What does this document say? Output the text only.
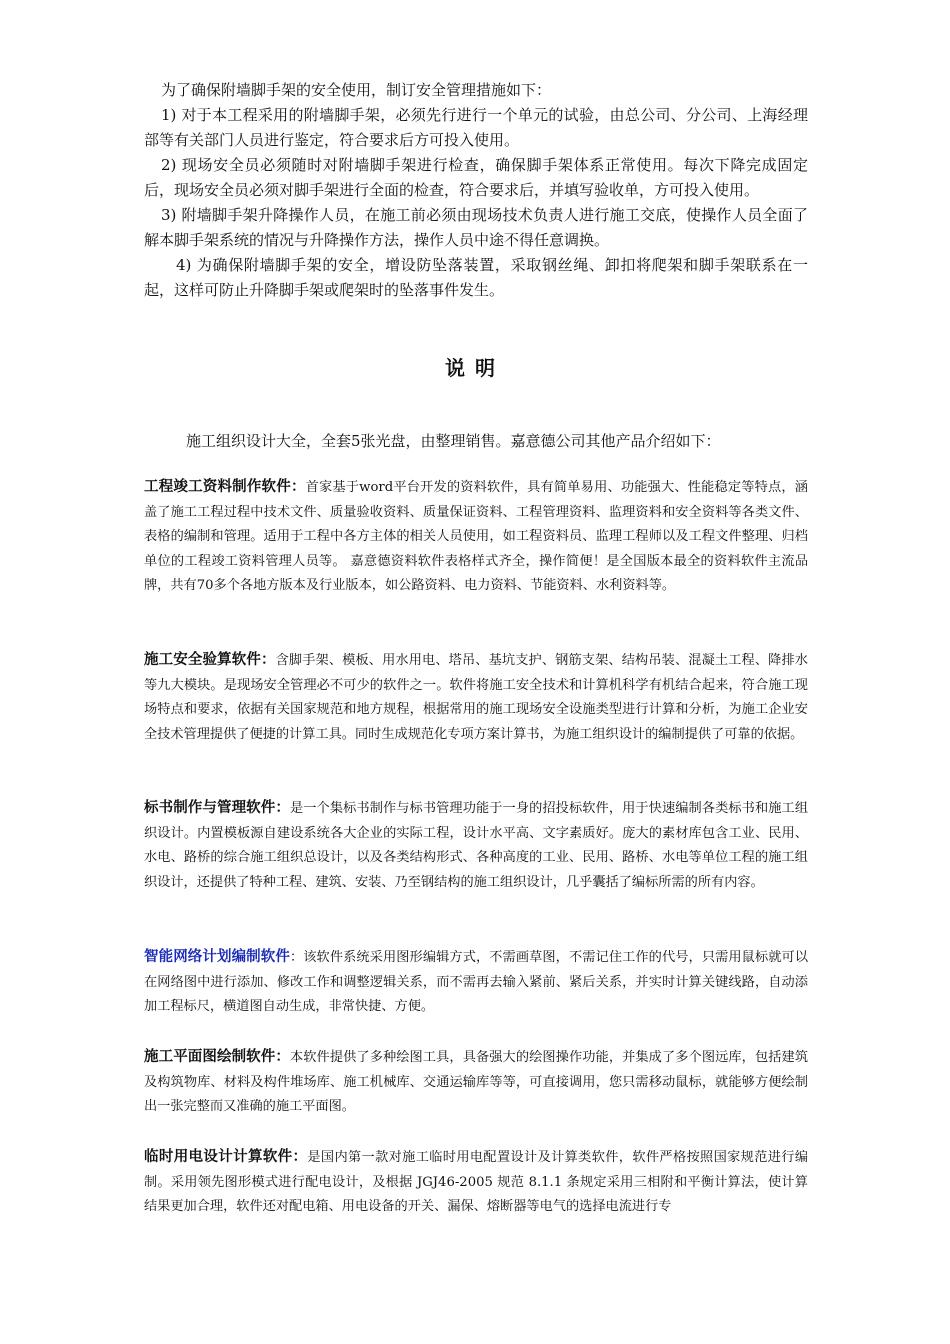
为了确保附墙脚手架的安全使用，制订安全管理措施如下：
1) 对于本工程采用的附墙脚手架，必须先行进行一个单元的试验，由总公司、分公司、上海经理部等有关部门人员进行鉴定，符合要求后方可投入使用。
2) 现场安全员必须随时对附墙脚手架进行检查，确保脚手架体系正常使用。每次下降完成固定后，现场安全员必须对脚手架进行全面的检查，符合要求后，并填写验收单，方可投入使用。
3) 附墙脚手架升降操作人员，在施工前必须由现场技术负责人进行施工交底，使操作人员全面了解本脚手架系统的情况与升降操作方法，操作人员中途不得任意调换。
4) 为确保附墙脚手架的安全，增设防坠落装置，采取钢丝绳、卸扣将爬架和脚手架联系在一起，这样可防止升降脚手架或爬架时的坠落事件发生。
说明
施工组织设计大全，全套5张光盘，由整理销售。嘉意德公司其他产品介绍如下：
工程竣工资料制作软件：首家基于word平台开发的资料软件，具有简单易用、功能强大、性能稳定等特点，涵盖了施工工程过程中技术文件、质量验收资料、质量保证资料、工程管理资料、监理资料和安全资料等各类文件、表格的编制和管理。适用于工程中各方主体的相关人员使用，如工程资料员、监理工程师以及工程文件整理、归档单位的工程竣工资料管理人员等。 嘉意德资料软件表格样式齐全，操作简便！是全国版本最全的资料软件主流品牌，共有70多个各地方版本及行业版本，如公路资料、电力资料、节能资料、水利资料等。
施工安全验算软件：含脚手架、模板、用水用电、塔吊、基坑支护、钢筋支架、结构吊装、混凝土工程、降排水等九大模块。是现场安全管理必不可少的软件之一。软件将施工安全技术和计算机科学有机结合起来，符合施工现场特点和要求，依据有关国家规范和地方规程，根据常用的施工现场安全设施类型进行计算和分析，为施工企业安全技术管理提供了便捷的计算工具。同时生成规范化专项方案计算书，为施工组织设计的编制提供了可靠的依据。
标书制作与管理软件：是一个集标书制作与标书管理功能于一身的招投标软件，用于快速编制各类标书和施工组织设计。内置模板源自建设系统各大企业的实际工程，设计水平高、文字素质好。庞大的素材库包含工业、民用、水电、路桥的综合施工组织总设计，以及各类结构形式、各种高度的工业、民用、路桥、水电等单位工程的施工组织设计，还提供了特种工程、建筑、安装、乃至钢结构的施工组织设计，几乎囊括了编标所需的所有内容。
智能网络计划编制软件：该软件系统采用图形编辑方式，不需画草图，不需记住工作的代号，只需用鼠标就可以在网络图中进行添加、修改工作和调整逻辑关系，而不需再去输入紧前、紧后关系，并实时计算关键线路，自动添加工程标尺，横道图自动生成，非常快捷、方便。
施工平面图绘制软件：本软件提供了多种绘图工具，具备强大的绘图操作功能，并集成了多个图远库，包括建筑及构筑物库、材料及构件堆场库、施工机械库、交通运输库等等，可直接调用，您只需移动鼠标，就能够方便绘制出一张完整而又准确的施工平面图。
临时用电设计计算软件：是国内第一款对施工临时用电配置设计及计算类软件，软件严格按照国家规范进行编制。采用领先图形模式进行配电设计，及根据 JGJ46-2005 规范 8.1.1 条规定采用三相附和平衡计算法，使计算结果更加合理，软件还对配电箱、用电设备的开关、漏保、熔断器等电气的选择电流进行专
